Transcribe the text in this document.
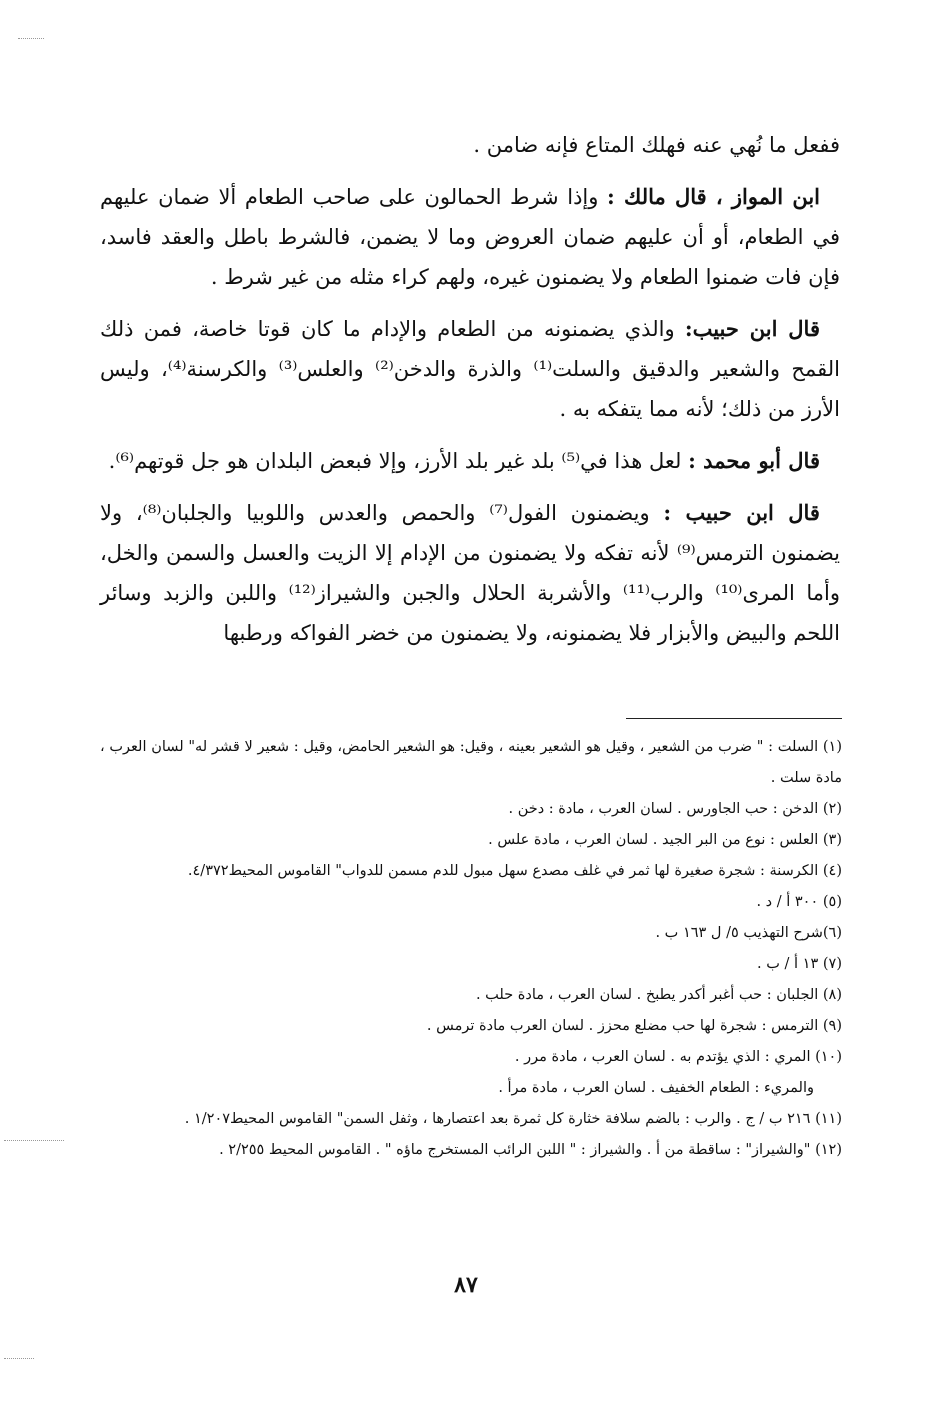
ففعل ما نُهي عنه فهلك المتاع فإنه ضامن .

ابن المواز ، قال مالك : وإذا شرط الحمالون على صاحب الطعام ألا ضمان عليهم في الطعام، أو أن عليهم ضمان العروض وما لا يضمن، فالشرط باطل والعقد فاسد، فإن فات ضمنوا الطعام ولا يضمنون غيره، ولهم كراء مثله من غير شرط .

قال ابن حبيب: والذي يضمنونه من الطعام والإدام ما كان قوتا خاصة، فمن ذلك القمح والشعير والدقيق والسلت⁽¹⁾ والذرة والدخن⁽²⁾ والعلس⁽³⁾ والكرسنة⁽⁴⁾، وليس الأرز من ذلك؛ لأنه مما يتفكه به .

قال أبو محمد : لعل هذا في⁽⁵⁾ بلد غير بلد الأرز، وإلا فبعض البلدان هو جل قوتهم⁽⁶⁾.

قال ابن حبيب : ويضمنون الفول⁽⁷⁾ والحمص والعدس واللوبيا والجلبان⁽⁸⁾، ولا يضمنون الترمس⁽⁹⁾ لأنه تفكه ولا يضمنون من الإدام إلا الزيت والعسل والسمن والخل، وأما المرى⁽¹⁰⁾ والرب⁽¹¹⁾ والأشربة الحلال والجبن والشيراز⁽¹²⁾ واللبن والزبد وسائر اللحم والبيض والأبزار فلا يضمنونه، ولا يضمنون من خضر الفواكه ورطبها

(١) السلت : " ضرب من الشعير ، وقيل هو الشعير بعينه ، وقيل: هو الشعير الحامض، وقيل : شعير لا قشر له" لسان العرب ، مادة سلت .

(٢) الدخن : حب الجاورس . لسان العرب ، مادة : دخن .

(٣) العلس : نوع من البر الجيد . لسان العرب ، مادة علس .

(٤) الكرسنة : شجرة صغيرة لها ثمر في غلف مصدع سهل مبول للدم مسمن للدواب" القاموس المحيط٤/٣٧٢.

(٥) ٣٠٠ أ / د .

(٦)شرح التهذيب ٥/ ل ١٦٣ ب .

(٧) ١٣ أ / ب .

(٨) الجلبان : حب أغبر أكدر يطبخ . لسان العرب ، مادة حلب .

(٩) الترمس : شجرة لها حب مضلع محزز . لسان العرب مادة ترمس .

(١٠) المري : الذي يؤتدم به . لسان العرب ، مادة مرر .

والمريء : الطعام الخفيف . لسان العرب ، مادة مرأ .

(١١) ٢١٦ ب / ج . والرب : بالضم سلافة خثارة كل ثمرة بعد اعتصارها ، وثفل السمن" القاموس المحيط١/٢٠٧ .

(١٢) "والشيراز" : ساقطة من أ . والشيراز : " اللبن الرائب المستخرج ماؤه " . القاموس المحيط ٢/٢٥٥ .

٨٧
